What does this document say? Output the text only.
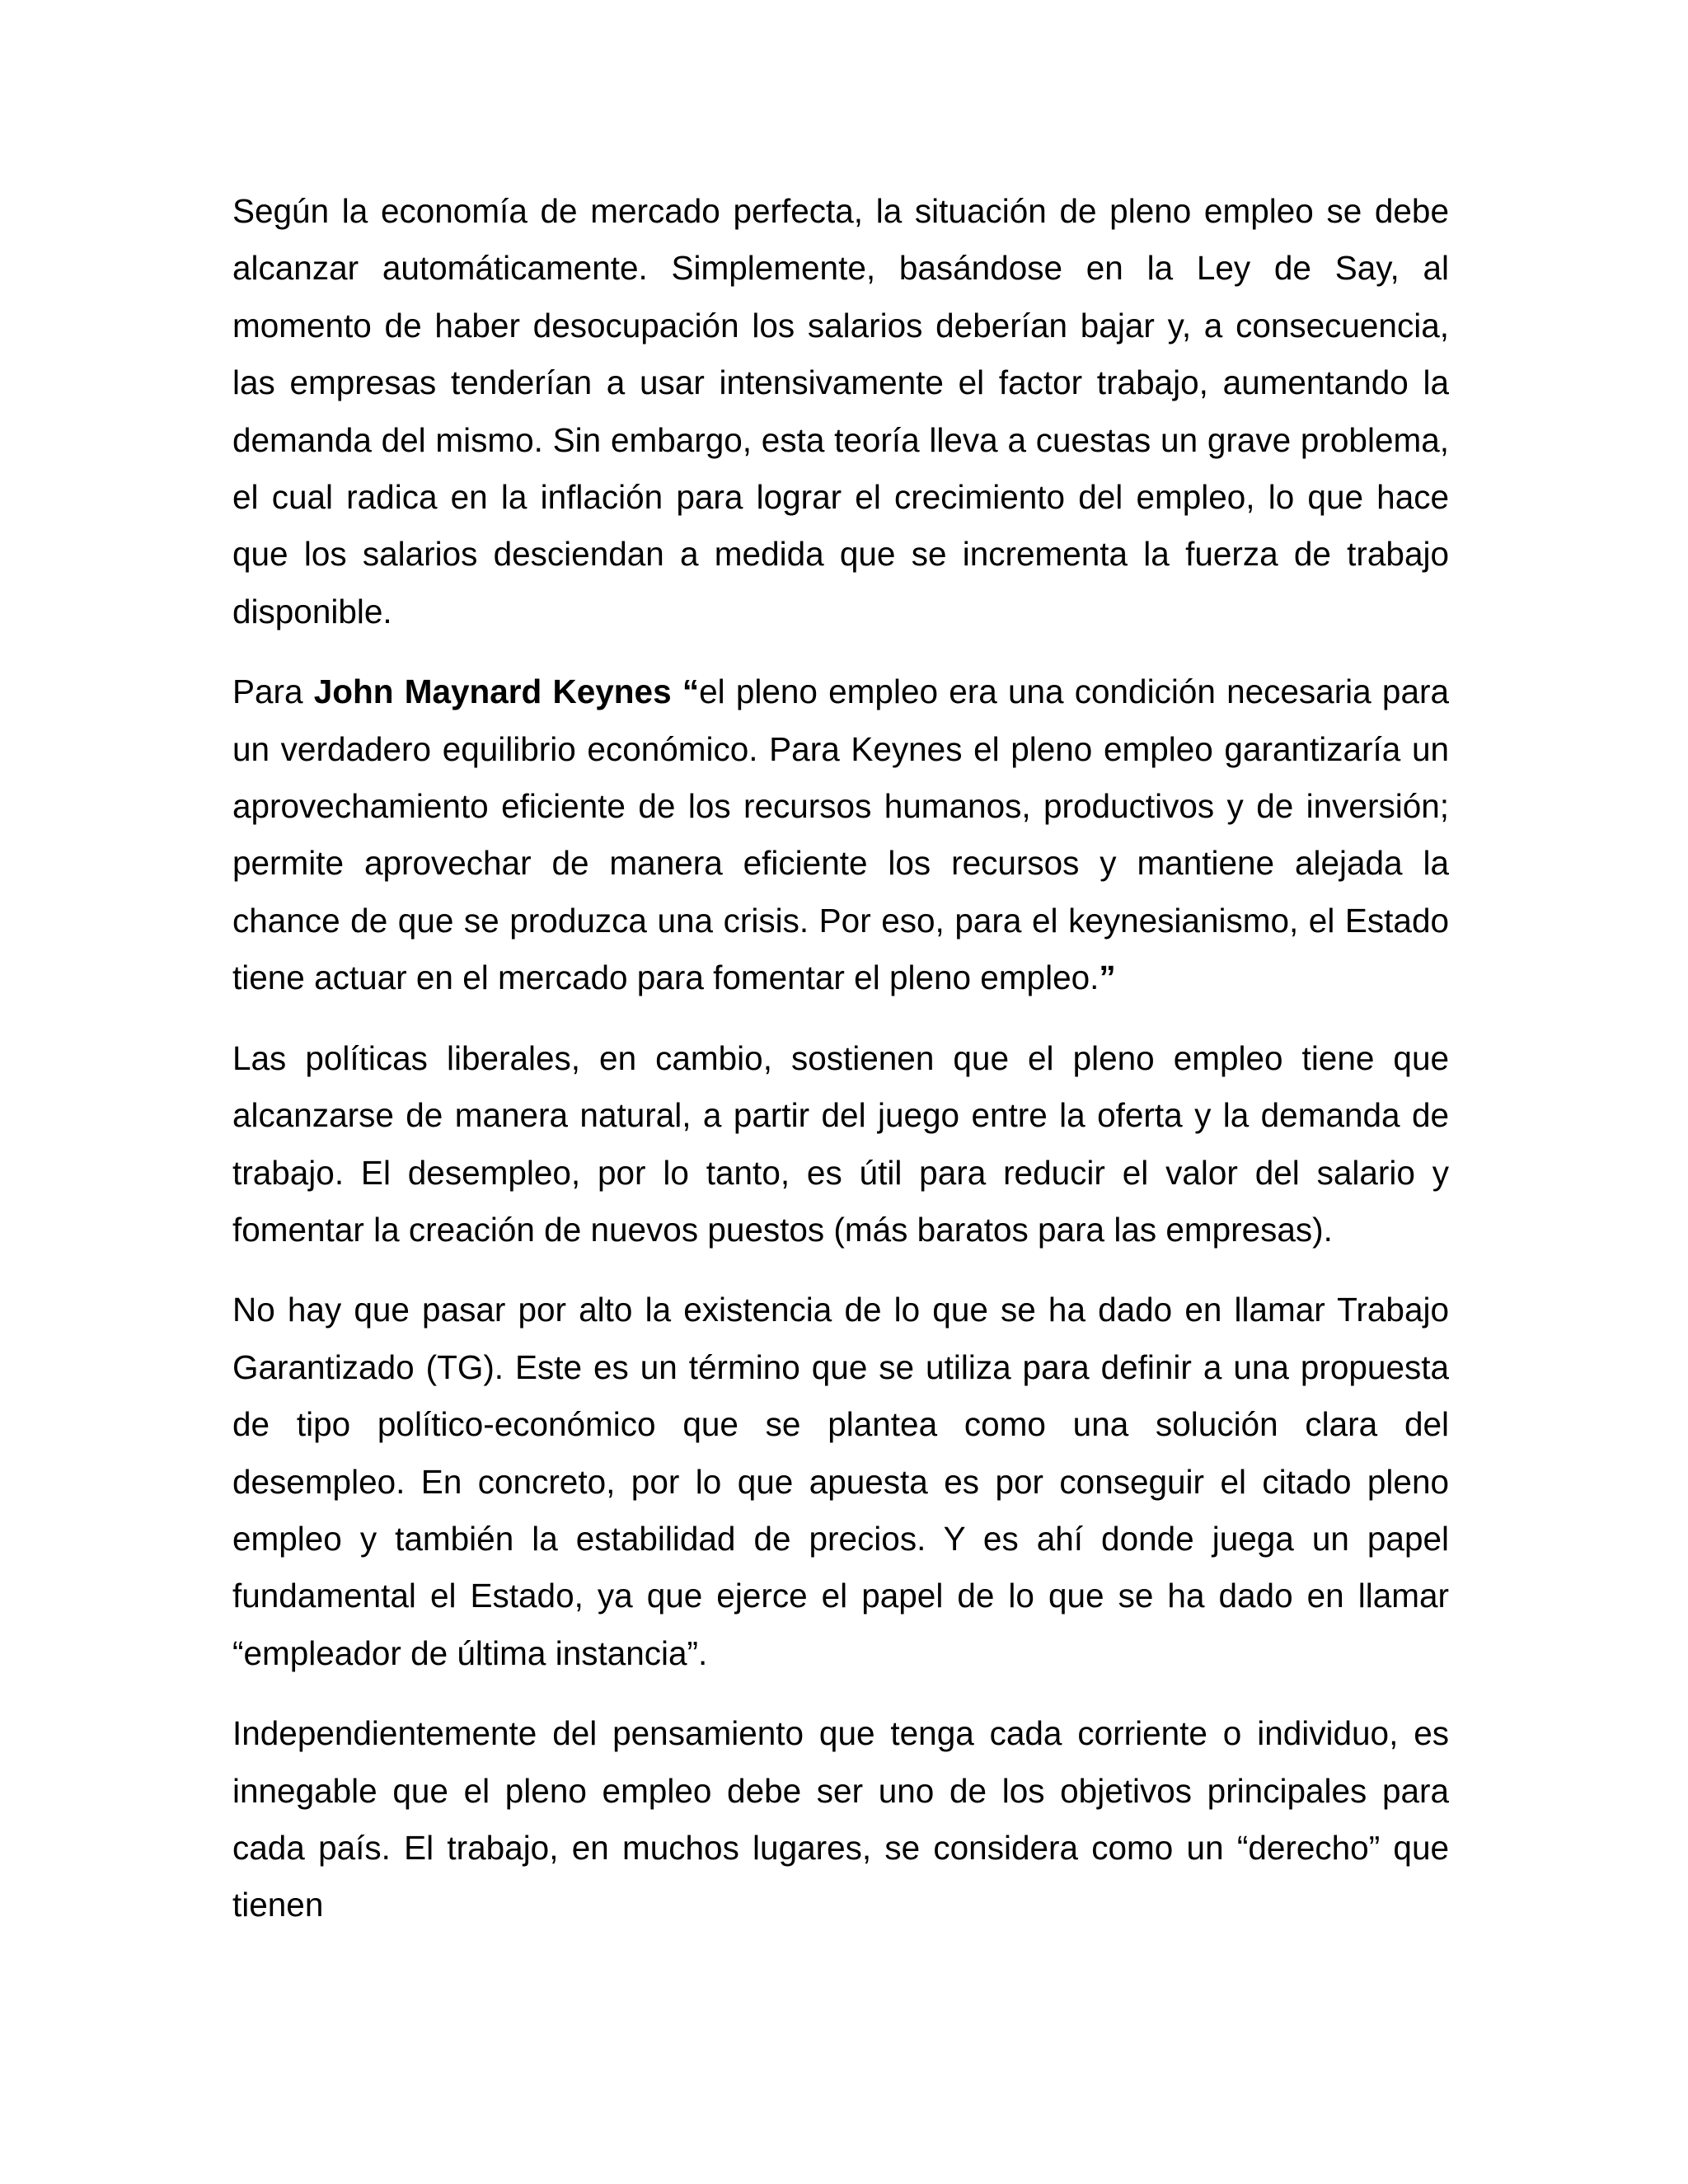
Según la economía de mercado perfecta, la situación de pleno empleo se debe alcanzar automáticamente. Simplemente, basándose en la Ley de Say, al momento de haber desocupación los salarios deberían bajar y, a consecuencia, las empresas tenderían a usar intensivamente el factor trabajo, aumentando la demanda del mismo. Sin embargo, esta teoría lleva a cuestas un grave problema, el cual radica en la inflación para lograr el crecimiento del empleo, lo que hace que los salarios desciendan a medida que se incrementa la fuerza de trabajo disponible.

Para John Maynard Keynes “el pleno empleo era una condición necesaria para un verdadero equilibrio económico. Para Keynes el pleno empleo garantizaría un aprovechamiento eficiente de los recursos humanos, productivos y de inversión; permite aprovechar de manera eficiente los recursos y mantiene alejada la chance de que se produzca una crisis. Por eso, para el keynesianismo, el Estado tiene actuar en el mercado para fomentar el pleno empleo.”

Las políticas liberales, en cambio, sostienen que el pleno empleo tiene que alcanzarse de manera natural, a partir del juego entre la oferta y la demanda de trabajo. El desempleo, por lo tanto, es útil para reducir el valor del salario y fomentar la creación de nuevos puestos (más baratos para las empresas).

No hay que pasar por alto la existencia de lo que se ha dado en llamar Trabajo Garantizado (TG). Este es un término que se utiliza para definir a una propuesta de tipo político-económico que se plantea como una solución clara del desempleo. En concreto, por lo que apuesta es por conseguir el citado pleno empleo y también la estabilidad de precios. Y es ahí donde juega un papel fundamental el Estado, ya que ejerce el papel de lo que se ha dado en llamar “empleador de última instancia”.

Independientemente del pensamiento que tenga cada corriente o individuo, es innegable que el pleno empleo debe ser uno de los objetivos principales para cada país. El trabajo, en muchos lugares, se considera como un “derecho” que tienen
